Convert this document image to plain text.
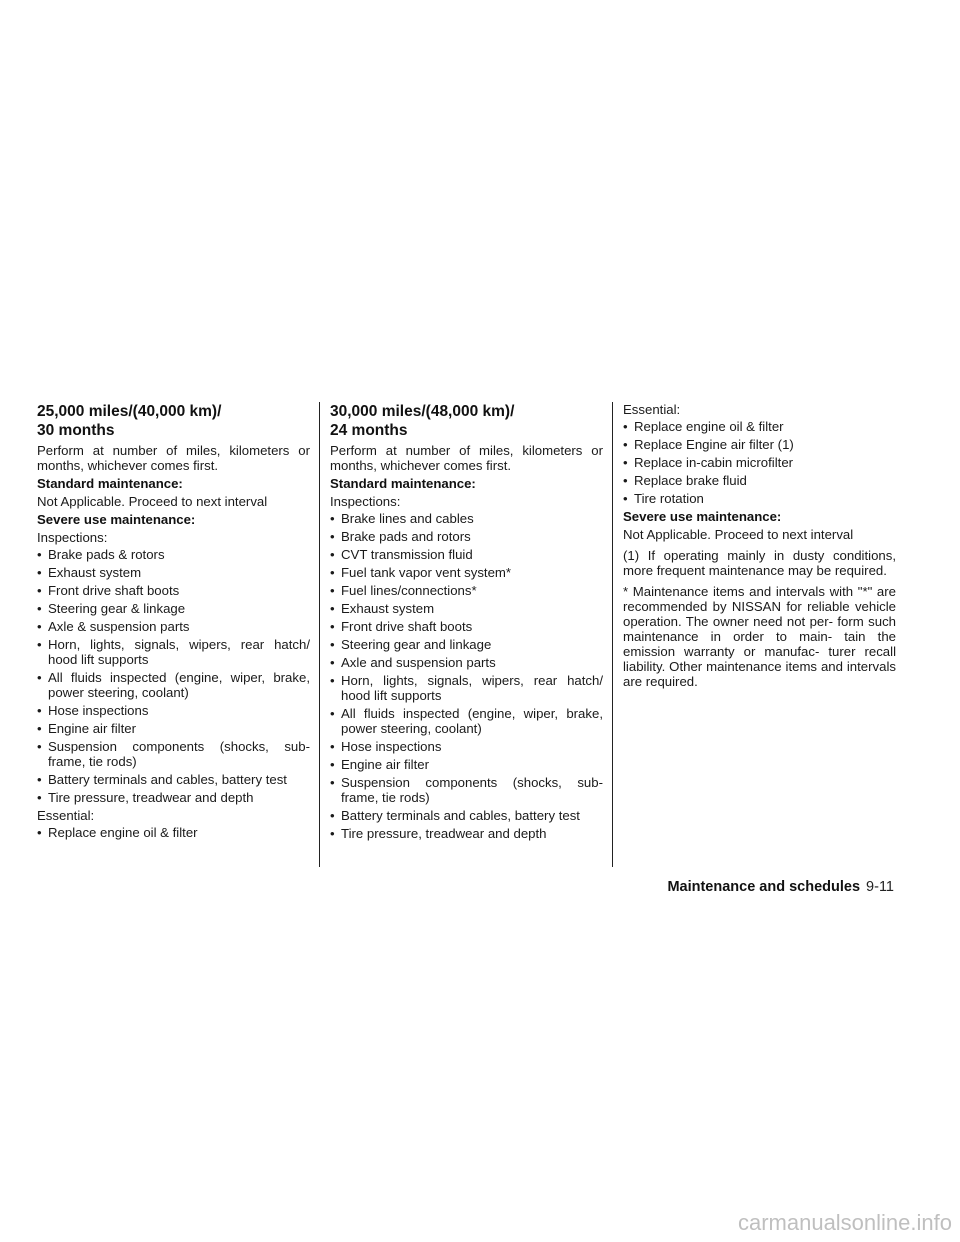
25,000 miles/(40,000 km)/
30 months
Perform at number of miles, kilometers or months, whichever comes first.
Standard maintenance:
Not Applicable. Proceed to next interval
Severe use maintenance:
Inspections:
• Brake pads & rotors
• Exhaust system
• Front drive shaft boots
• Steering gear & linkage
• Axle & suspension parts
• Horn, lights, signals, wipers, rear hatch/ hood lift supports
• All fluids inspected (engine, wiper, brake, power steering, coolant)
• Hose inspections
• Engine air filter
• Suspension components (shocks, sub- frame, tie rods)
• Battery terminals and cables, battery test
• Tire pressure, treadwear and depth
Essential:
• Replace engine oil & filter
30,000 miles/(48,000 km)/
24 months
Perform at number of miles, kilometers or months, whichever comes first.
Standard maintenance:
Inspections:
• Brake lines and cables
• Brake pads and rotors
• CVT transmission fluid
• Fuel tank vapor vent system*
• Fuel lines/connections*
• Exhaust system
• Front drive shaft boots
• Steering gear and linkage
• Axle and suspension parts
• Horn, lights, signals, wipers, rear hatch/ hood lift supports
• All fluids inspected (engine, wiper, brake, power steering, coolant)
• Hose inspections
• Engine air filter
• Suspension components (shocks, sub- frame, tie rods)
• Battery terminals and cables, battery test
• Tire pressure, treadwear and depth
Essential:
• Replace engine oil & filter
• Replace Engine air filter (1)
• Replace in-cabin microfilter
• Replace brake fluid
• Tire rotation
Severe use maintenance:
Not Applicable. Proceed to next interval
(1) If operating mainly in dusty conditions, more frequent maintenance may be required.
* Maintenance items and intervals with "*" are recommended by NISSAN for reliable vehicle operation. The owner need not per- form such maintenance in order to main- tain the emission warranty or manufac- turer recall liability. Other maintenance items and intervals are required.
Maintenance and schedules 9-11
carmanualsonline.info
